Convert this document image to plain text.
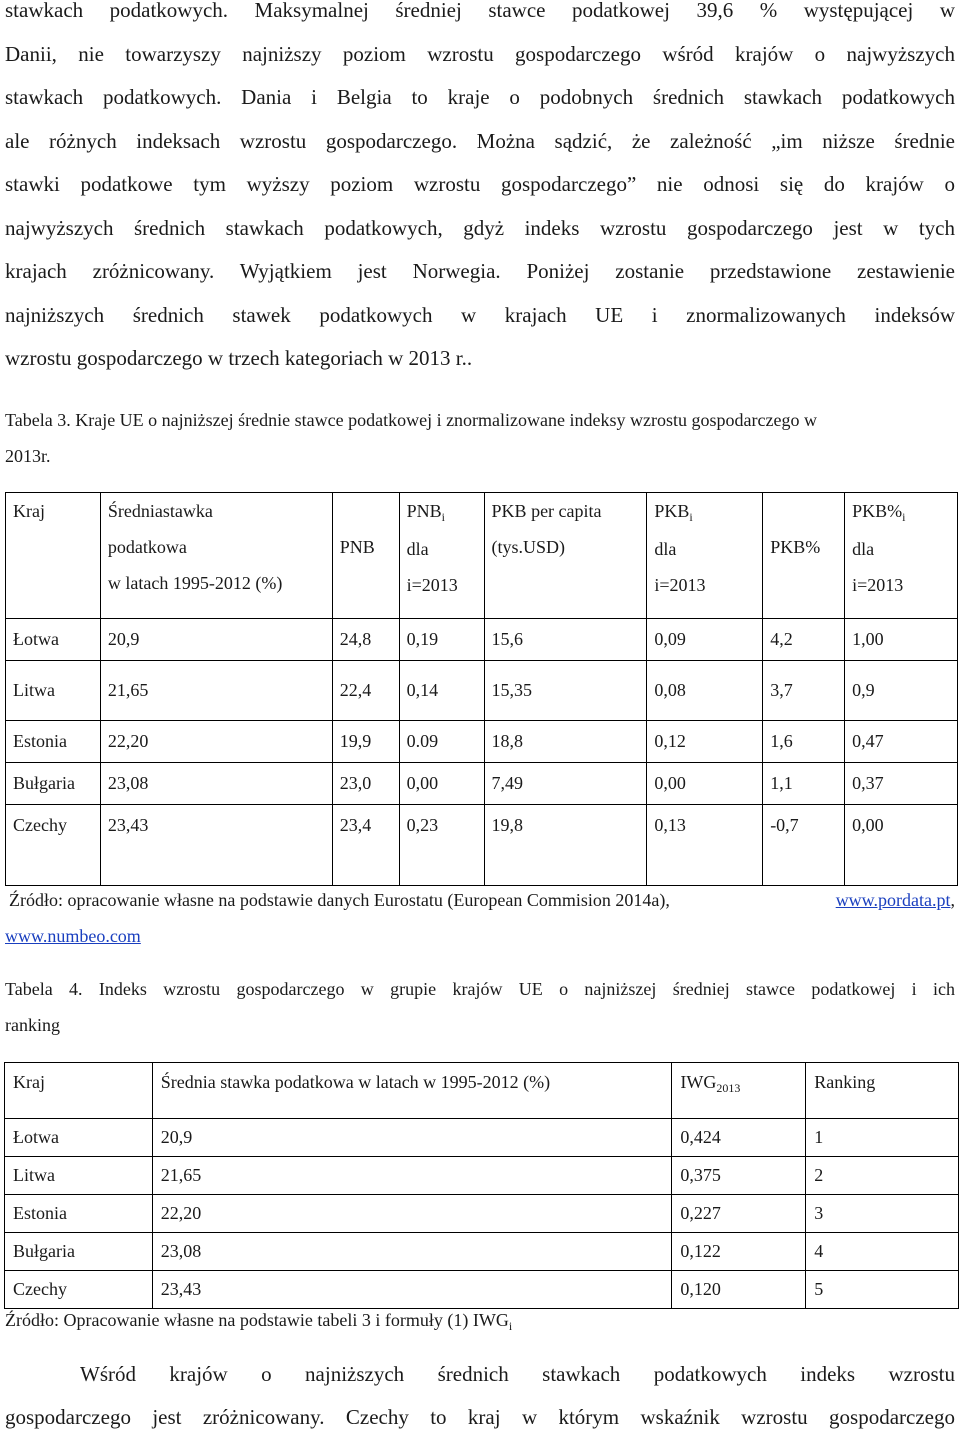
stawkach podatkowych. Maksymalnej średniej stawce podatkowej 39,6 % występującej w
Danii, nie towarzyszy najniższy poziom wzrostu gospodarczego wśród krajów o najwyższych
stawkach podatkowych. Dania i Belgia to kraje o podobnych średnich stawkach podatkowych
ale różnych indeksach wzrostu gospodarczego. Można sądzić, że zależność „im niższe średnie
stawki podatkowe tym wyższy poziom wzrostu gospodarczego” nie odnosi się do krajów o
najwyższych średnich stawkach podatkowych, gdyż indeks wzrostu gospodarczego jest w tych
krajach zróżnicowany. Wyjątkiem jest Norwegia. Poniżej zostanie przedstawione zestawienie
najniższych średnich stawek podatkowych w krajach UE i znormalizowanych indeksów
wzrostu gospodarczego w trzech kategoriach w 2013 r..
Tabela 3. Kraje UE o najniższej średnie stawce podatkowej i znormalizowane indeksy wzrostu gospodarczego w
2013r.
Kraj	Średniastawka
podatkowa
w latach 1995-2012 (%)	PNB	$PNB_i$
dla
i=2013	PKB per capita
(tys.USD)	$PKB_i$
dla
i=2013	PKB%	$PKB\%_i$
dla
i=2013

Łotwa	20,9	24,8	0,19	15,6	0,09	4,2	1,00
Litwa	21,65	22,4	0,14	15,35	0,08	3,7	0,9
Estonia	22,20	19,9	0.09	18,8	0,12	1,6	0,47
Bułgaria	23,08	23,0	0,00	7,49	0,00	1,1	0,37
Czechy	23,43	23,4	0,23	19,8	0,13	-0,7	0,00
Źródło: opracowanie własne na podstawie danych Eurostatu (European Commision 2014a),	www.pordata.pt,
www.numbeo.com
Tabela 4. Indeks wzrostu gospodarczego w grupie krajów UE o najniższej średniej stawce podatkowej i ich
ranking
Kraj	Średnia stawka podatkowa w latach w 1995-2012 (%)	$IWG_{2013}$	Ranking
Łotwa	20,9	0,424	1
Litwa	21,65	0,375	2
Estonia	22,20	0,227	3
Bułgaria	23,08	0,122	4
Czechy	23,43	0,120	5
Źródło: Opracowanie własne na podstawie tabeli 3 i formuły (1) $IWG_i$
Wśród krajów o najniższych średnich stawkach podatkowych indeks wzrostu
gospodarczego jest zróżnicowany. Czechy to kraj w którym wskaźnik wzrostu gospodarczego
